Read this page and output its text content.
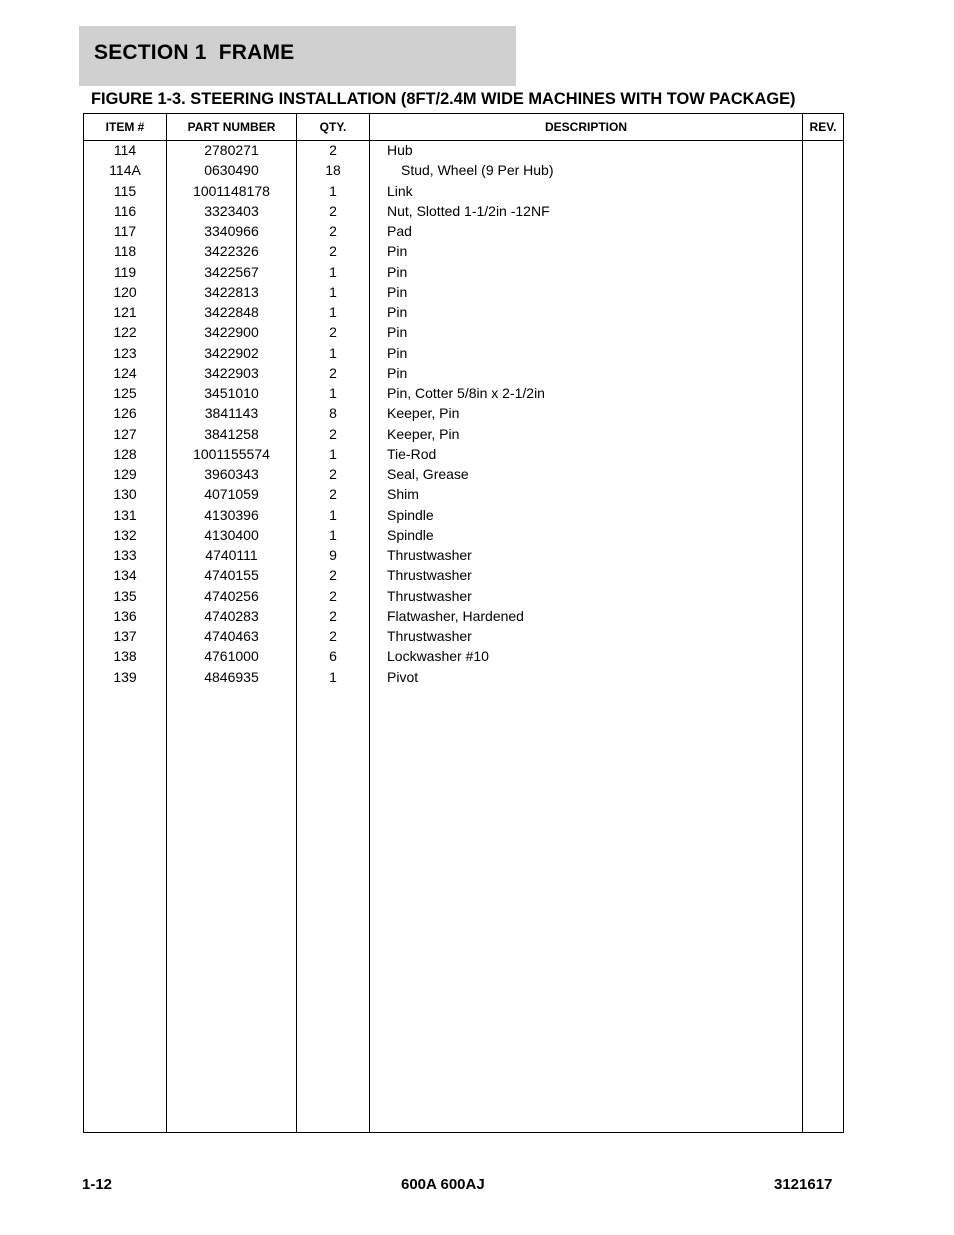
SECTION 1  FRAME
FIGURE 1-3. STEERING INSTALLATION (8FT/2.4M WIDE MACHINES WITH TOW PACKAGE)
ITEM #	PART NUMBER	QTY.	DESCRIPTION	REV.
114	2780271	2	Hub
114A	0630490	18	Stud, Wheel (9 Per Hub)
115	1001148178	1	Link
116	3323403	2	Nut, Slotted 1-1/2in -12NF
117	3340966	2	Pad
118	3422326	2	Pin
119	3422567	1	Pin
120	3422813	1	Pin
121	3422848	1	Pin
122	3422900	2	Pin
123	3422902	1	Pin
124	3422903	2	Pin
125	3451010	1	Pin, Cotter 5/8in x 2-1/2in
126	3841143	8	Keeper, Pin
127	3841258	2	Keeper, Pin
128	1001155574	1	Tie-Rod
129	3960343	2	Seal, Grease
130	4071059	2	Shim
131	4130396	1	Spindle
132	4130400	1	Spindle
133	4740111	9	Thrustwasher
134	4740155	2	Thrustwasher
135	4740256	2	Thrustwasher
136	4740283	2	Flatwasher, Hardened
137	4740463	2	Thrustwasher
138	4761000	6	Lockwasher #10
139	4846935	1	Pivot
1-12	600A 600AJ	3121617
